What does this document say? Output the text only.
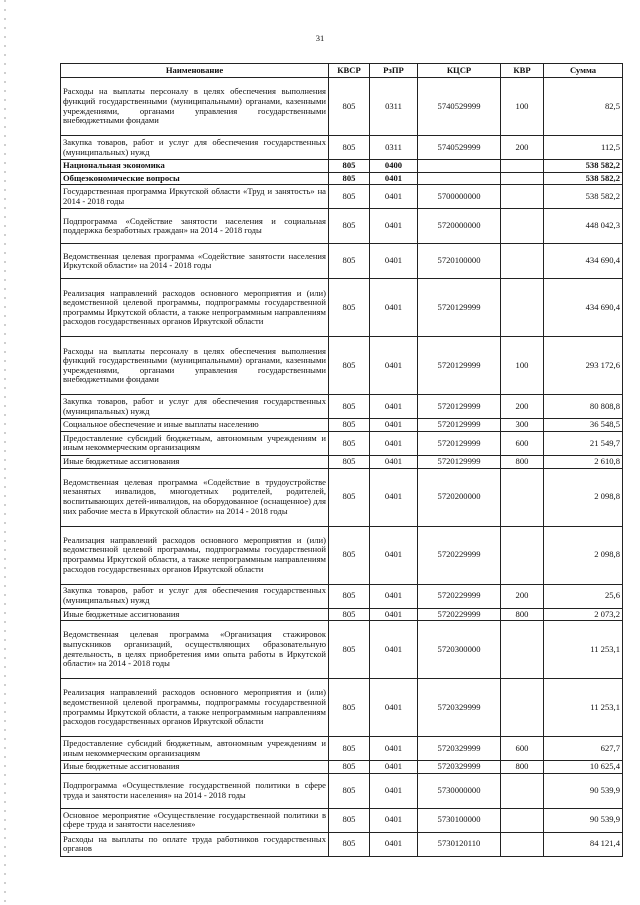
31
Наименование	КВСР	РзПР	КЦСР	КВР	Сумма
Расходы на выплаты персоналу в целях обеспечения выполнения функций государственными (муниципальными) органами, казенными учреждениями, органами управления государственными внебюджетными фондами	805	0311	5740529999	100	82,5
Закупка товаров, работ и услуг для обеспечения государственных (муниципальных) нужд	805	0311	5740529999	200	112,5
Национальная экономика	805	0400			538 582,2
Общеэкономические вопросы	805	0401			538 582,2
Государственная программа Иркутской области «Труд и занятость» на 2014 - 2018 годы	805	0401	5700000000		538 582,2
Подпрограмма «Содействие занятости населения и социальная поддержка безработных граждан» на 2014 - 2018 годы	805	0401	5720000000		448 042,3
Ведомственная целевая программа «Содействие занятости населения Иркутской области» на 2014 - 2018 годы	805	0401	5720100000		434 690,4
Реализация направлений расходов основного мероприятия и (или) ведомственной целевой программы, подпрограммы государственной программы Иркутской области, а также непрограммным направлениям расходов государственных органов Иркутской области	805	0401	5720129999		434 690,4
Расходы на выплаты персоналу в целях обеспечения выполнения функций государственными (муниципальными) органами, казенными учреждениями, органами управления государственными внебюджетными фондами	805	0401	5720129999	100	293 172,6
Закупка товаров, работ и услуг для обеспечения государственных (муниципальных) нужд	805	0401	5720129999	200	80 808,8
Социальное обеспечение и иные выплаты населению	805	0401	5720129999	300	36 548,5
Предоставление субсидий бюджетным, автономным учреждениям и иным некоммерческим организациям	805	0401	5720129999	600	21 549,7
Иные бюджетные ассигнования	805	0401	5720129999	800	2 610,8
Ведомственная целевая программа «Содействие в трудоустройстве незанятых инвалидов, многодетных родителей, родителей, воспитывающих детей-инвалидов, на оборудованное (оснащенное) для них рабочие места в Иркутской области» на 2014 - 2018 годы	805	0401	5720200000		2 098,8
Реализация направлений расходов основного мероприятия и (или) ведомственной целевой программы, подпрограммы государственной программы Иркутской области, а также непрограммным направлениям расходов государственных органов Иркутской области	805	0401	5720229999		2 098,8
Закупка товаров, работ и услуг для обеспечения государственных (муниципальных) нужд	805	0401	5720229999	200	25,6
Иные бюджетные ассигнования	805	0401	5720229999	800	2 073,2
Ведомственная целевая программа «Организация стажировок выпускников организаций, осуществляющих образовательную деятельность, в целях приобретения ими опыта работы в Иркутской области» на 2014 - 2018 годы	805	0401	5720300000		11 253,1
Реализация направлений расходов основного мероприятия и (или) ведомственной целевой программы, подпрограммы государственной программы Иркутской области, а также непрограммным направлениям расходов государственных органов Иркутской области	805	0401	5720329999		11 253,1
Предоставление субсидий бюджетным, автономным учреждениям и иным некоммерческим организациям	805	0401	5720329999	600	627,7
Иные бюджетные ассигнования	805	0401	5720329999	800	10 625,4
Подпрограмма «Осуществление государственной политики в сфере труда и занятости населения» на 2014 - 2018 годы	805	0401	5730000000		90 539,9
Основное мероприятие «Осуществление государственной политики в сфере труда и занятости населения»	805	0401	5730100000		90 539,9
Расходы на выплаты по оплате труда работников государственных органов	805	0401	5730120110		84 121,4
